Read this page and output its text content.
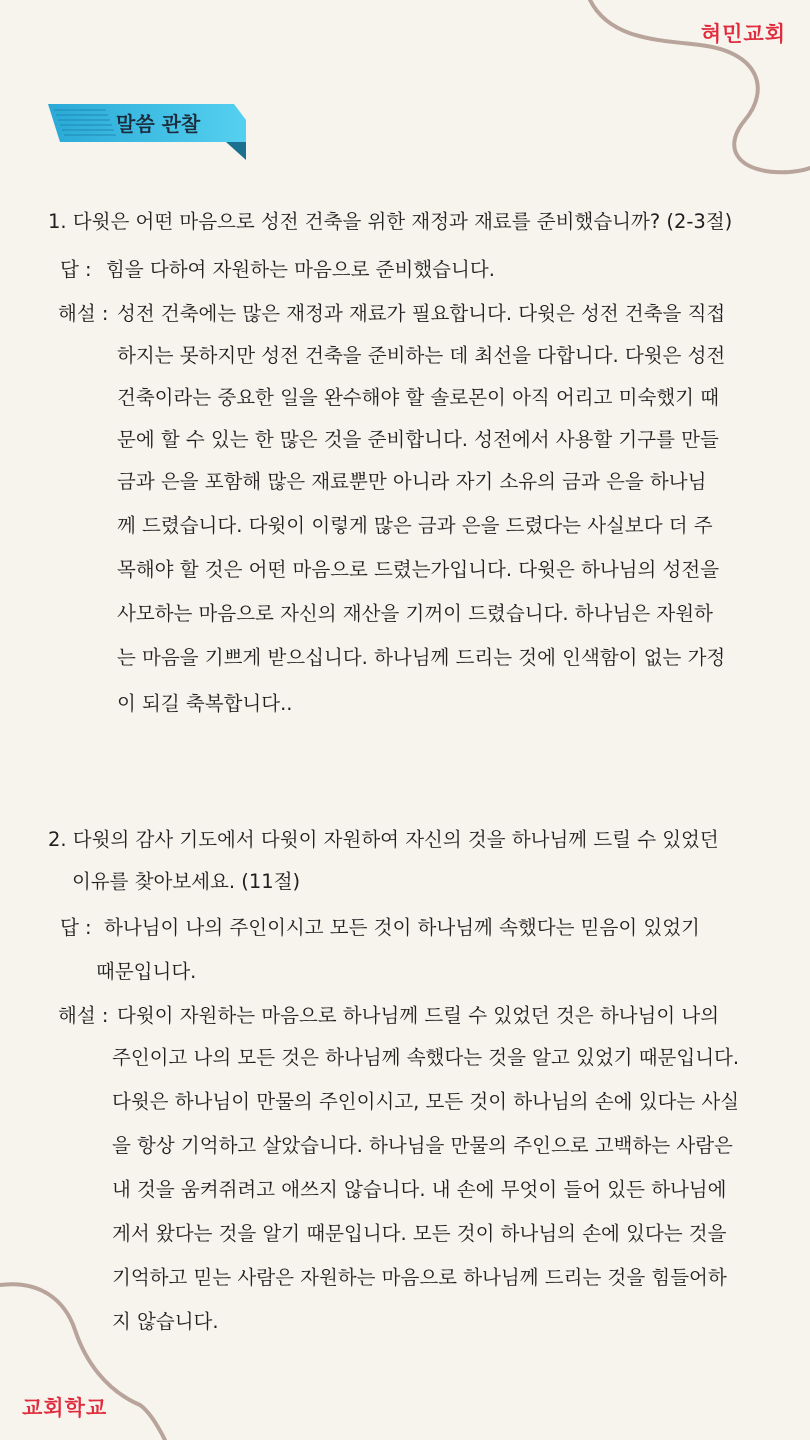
혀민교회
말씀 관찰
1. 다윗은 어떤 마음으로 성전 건축을 위한 재정과 재료를 준비했습니까? (2-3절)
답 : 힘을 다하여 자원하는 마음으로 준비했습니다.
해설 : 성전 건축에는 많은 재정과 재료가 필요합니다. 다윗은 성전 건축을 직접
하지는 못하지만 성전 건축을 준비하는 데 최선을 다합니다. 다윗은 성전
건축이라는 중요한 일을 완수해야 할 솔로몬이 아직 어리고 미숙했기 때
문에 할 수 있는 한 많은 것을 준비합니다. 성전에서 사용할 기구를 만들
금과 은을 포함해 많은 재료뿐만 아니라 자기 소유의 금과 은을 하나님
께 드렸습니다. 다윗이 이렇게 많은 금과 은을 드렸다는 사실보다 더 주
목해야 할 것은 어떤 마음으로 드렸는가입니다. 다윗은 하나님의 성전을
사모하는 마음으로 자신의 재산을 기꺼이 드렸습니다. 하나님은 자원하
는 마음을 기쁘게 받으십니다. 하나님께 드리는 것에 인색함이 없는 가정
이 되길 축복합니다..
2. 다윗의 감사 기도에서 다윗이 자원하여 자신의 것을 하나님께 드릴 수 있었던
이유를 찾아보세요. (11절)
답 : 하나님이 나의 주인이시고 모든 것이 하나님께 속했다는 믿음이 있었기
때문입니다.
해설 : 다윗이 자원하는 마음으로 하나님께 드릴 수 있었던 것은 하나님이 나의
주인이고 나의 모든 것은 하나님께 속했다는 것을 알고 있었기 때문입니다.
다윗은 하나님이 만물의 주인이시고, 모든 것이 하나님의 손에 있다는 사실
을 항상 기억하고 살았습니다. 하나님을 만물의 주인으로 고백하는 사람은
내 것을 움켜쥐려고 애쓰지 않습니다. 내 손에 무엇이 들어 있든 하나님에
게서 왔다는 것을 알기 때문입니다. 모든 것이 하나님의 손에 있다는 것을
기억하고 믿는 사람은 자원하는 마음으로 하나님께 드리는 것을 힘들어하
지 않습니다.
교회학교
